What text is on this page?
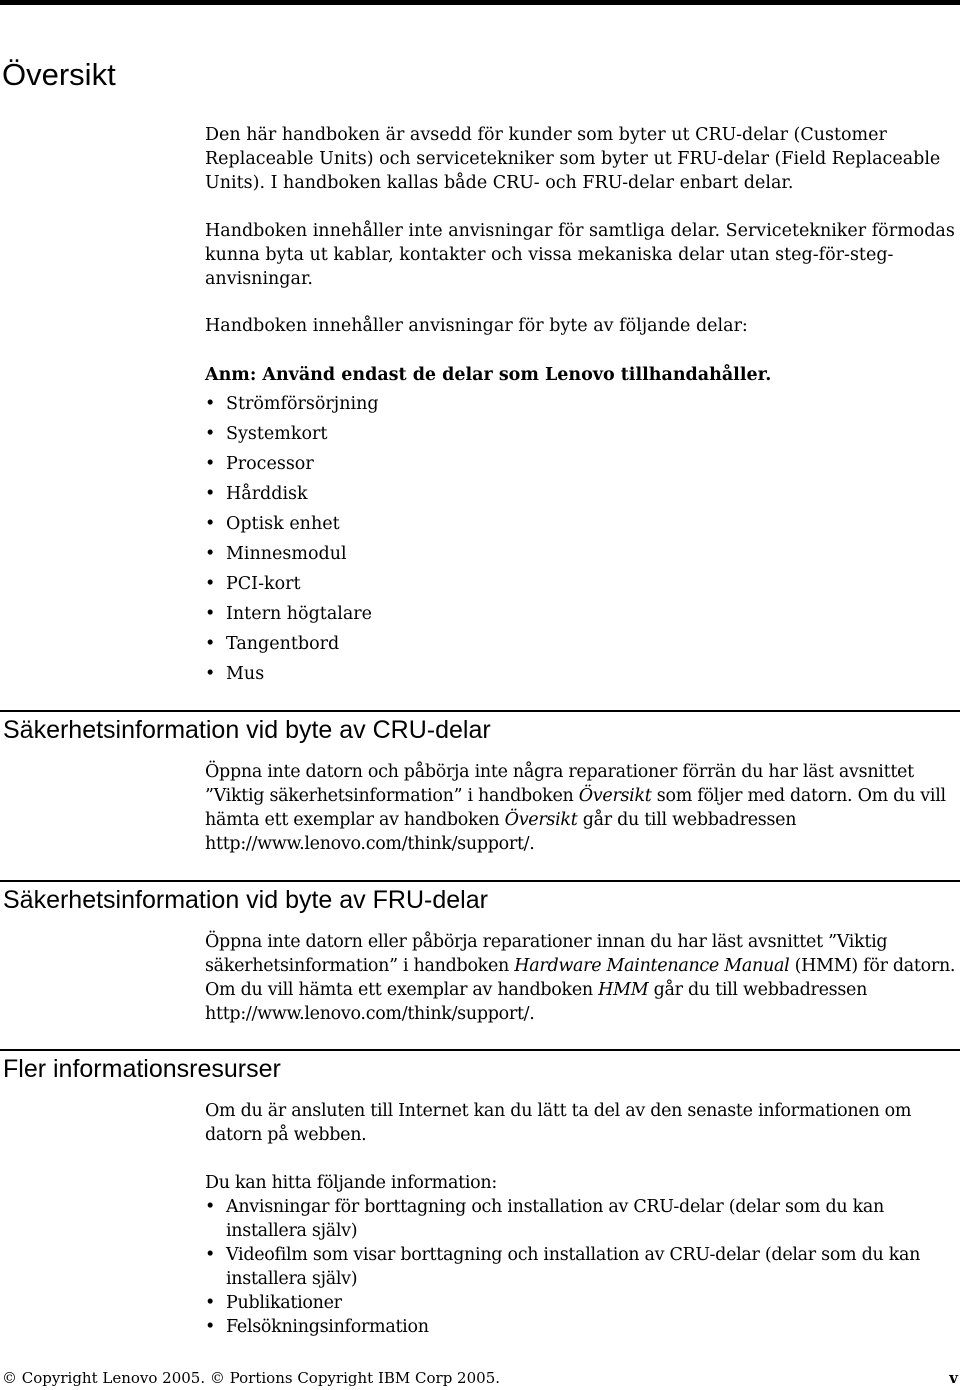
Översikt

Den här handboken är avsedd för kunder som byter ut CRU-delar (Customer Replaceable Units) och servicetekniker som byter ut FRU-delar (Field Replaceable Units). I handboken kallas både CRU- och FRU-delar enbart delar.

Handboken innehåller inte anvisningar för samtliga delar. Servicetekniker förmodas kunna byta ut kablar, kontakter och vissa mekaniska delar utan steg-för-steg-anvisningar.

Handboken innehåller anvisningar för byte av följande delar:

Anm: Använd endast de delar som Lenovo tillhandahåller.

• Strömförsörjning
• Systemkort
• Processor
• Hårddisk
• Optisk enhet
• Minnesmodul
• PCI-kort
• Intern högtalare
• Tangentbord
• Mus
Säkerhetsinformation vid byte av CRU-delar

Öppna inte datorn och påbörja inte några reparationer förrän du har läst avsnittet ”Viktig säkerhetsinformation” i handboken Översikt som följer med datorn. Om du vill hämta ett exemplar av handboken Översikt går du till webbadressen http://www.lenovo.com/think/support/.

Säkerhetsinformation vid byte av FRU-delar

Öppna inte datorn eller påbörja reparationer innan du har läst avsnittet ”Viktig säkerhetsinformation” i handboken Hardware Maintenance Manual (HMM) för datorn. Om du vill hämta ett exemplar av handboken HMM går du till webbadressen http://www.lenovo.com/think/support/.

Fler informationsresurser

Om du är ansluten till Internet kan du lätt ta del av den senaste informationen om datorn på webben.

Du kan hitta följande information:

• Anvisningar för borttagning och installation av CRU-delar (delar som du kan installera själv)
• Videofilm som visar borttagning och installation av CRU-delar (delar som du kan installera själv)
• Publikationer
• Felsökningsinformation
© Copyright Lenovo 2005. © Portions Copyright IBM Corp 2005.	v
